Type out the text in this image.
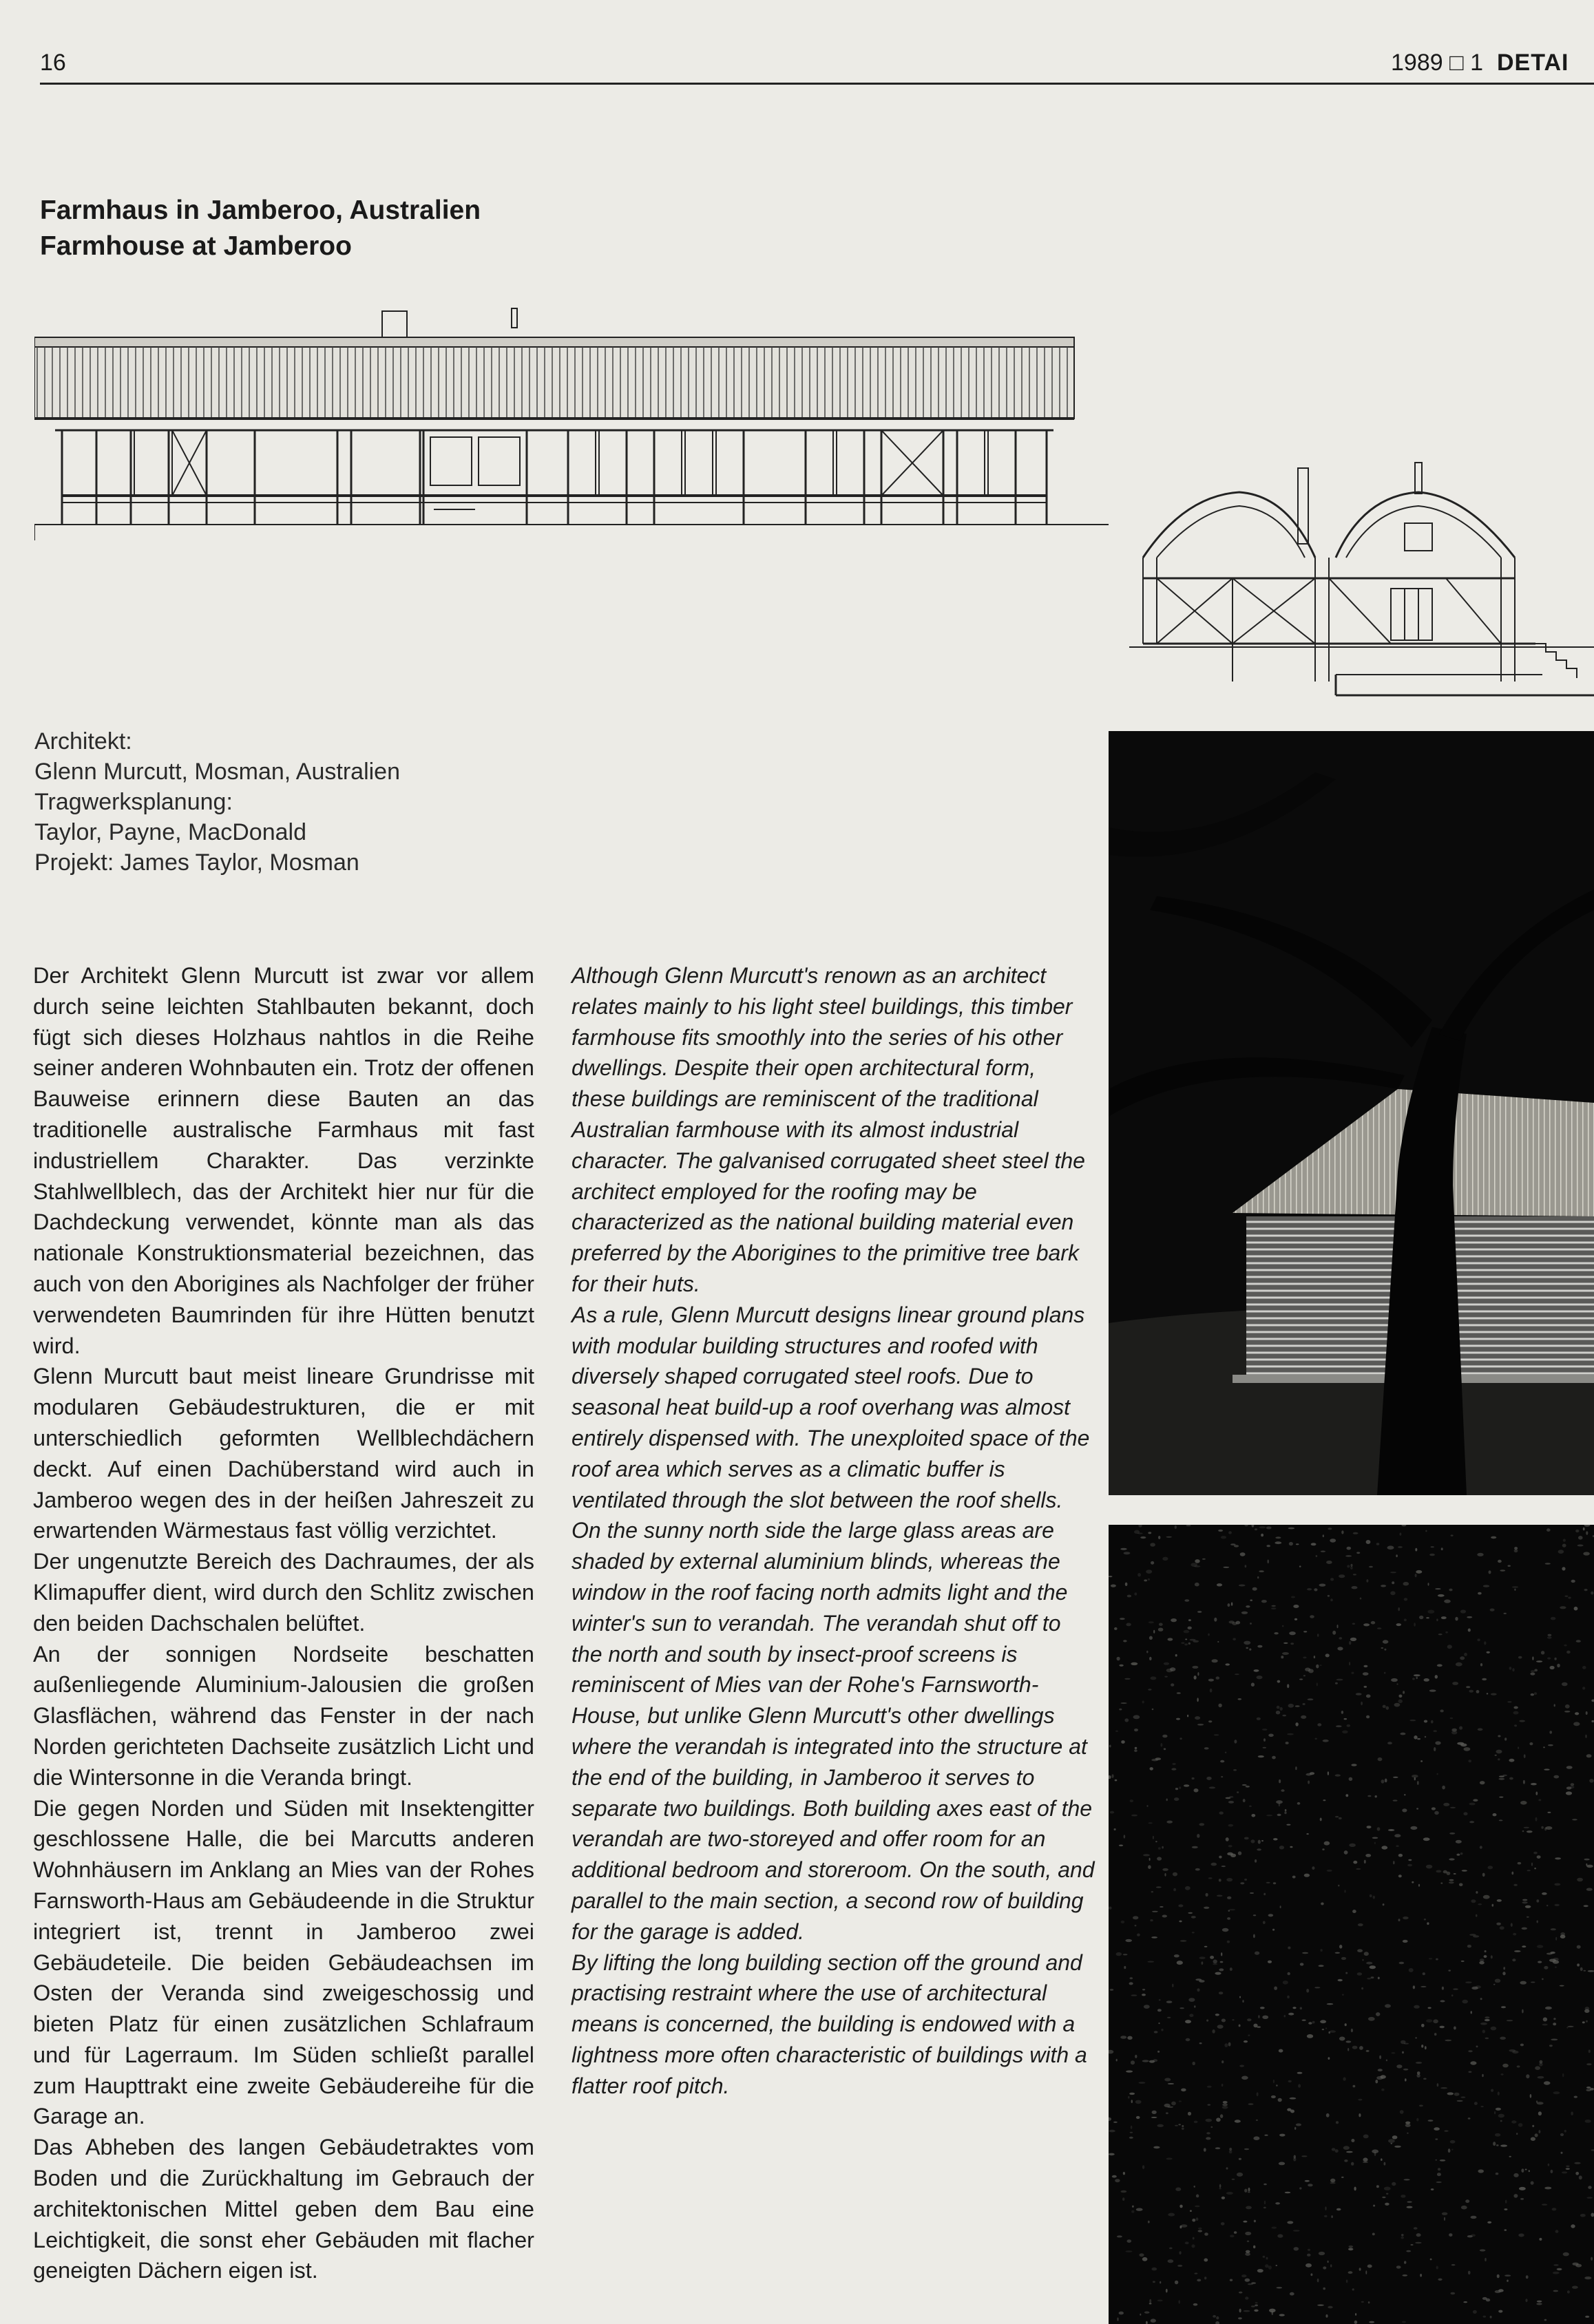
16	1989 □ 1 DETAI
Farmhaus in Jamberoo, Australien
Farmhouse at Jamberoo
Architekt:
Glenn Murcutt, Mosman, Australien
Tragwerksplanung:
Taylor, Payne, MacDonald
Projekt: James Taylor, Mosman

Der Architekt Glenn Murcutt ist zwar vor allem durch seine leichten Stahlbauten bekannt, doch fügt sich dieses Holzhaus nahtlos in die Reihe seiner anderen Wohnbauten ein. Trotz der offenen Bauweise erinnern diese Bauten an das traditionelle australische Farmhaus mit fast industriellem Charakter. Das verzinkte Stahlwellblech, das der Architekt hier nur für die Dachdeckung verwendet, könnte man als das nationale Konstruktionsmaterial bezeichnen, das auch von den Aborigines als Nachfolger der früher verwendeten Baumrinden für ihre Hütten benutzt wird.

Glenn Murcutt baut meist lineare Grundrisse mit modularen Gebäudestrukturen, die er mit unterschiedlich geformten Wellblechdächern deckt. Auf einen Dachüberstand wird auch in Jamberoo wegen des in der heißen Jahreszeit zu erwartenden Wärmestaus fast völlig verzichtet.

Der ungenutzte Bereich des Dachraumes, der als Klimapuffer dient, wird durch den Schlitz zwischen den beiden Dachschalen belüftet.

An der sonnigen Nordseite beschatten außenliegende Aluminium-Jalousien die großen Glasflächen, während das Fenster in der nach Norden gerichteten Dachseite zusätzlich Licht und die Wintersonne in die Veranda bringt.

Die gegen Norden und Süden mit Insektengitter geschlossene Halle, die bei Marcutts anderen Wohnhäusern im Anklang an Mies van der Rohes Farnsworth-Haus am Gebäudeende in die Struktur integriert ist, trennt in Jamberoo zwei Gebäudeteile. Die beiden Gebäudeachsen im Osten der Veranda sind zweigeschossig und bieten Platz für einen zusätzlichen Schlafraum und für Lagerraum. Im Süden schließt parallel zum Haupttrakt eine zweite Gebäudereihe für die Garage an.

Das Abheben des langen Gebäudetraktes vom Boden und die Zurückhaltung im Gebrauch der architektonischen Mittel geben dem Bau eine Leichtigkeit, die sonst eher Gebäuden mit flacher geneigten Dächern eigen ist.

Although Glenn Murcutt's renown as an architect relates mainly to his light steel buildings, this timber farmhouse fits smoothly into the series of his other dwellings. Despite their open architectural form, these buildings are reminiscent of the traditional Australian farmhouse with its almost industrial character. The galvanised corrugated sheet steel the architect employed for the roofing may be characterized as the national building material even preferred by the Aborigines to the primitive tree bark for their huts.

As a rule, Glenn Murcutt designs linear ground plans with modular building structures and roofed with diversely shaped corrugated steel roofs. Due to seasonal heat build-up a roof overhang was almost entirely dispensed with. The unexploited space of the roof area which serves as a climatic buffer is ventilated through the slot between the roof shells.

On the sunny north side the large glass areas are shaded by external aluminium blinds, whereas the window in the roof facing north admits light and the winter's sun to verandah. The verandah shut off to the north and south by insect-proof screens is reminiscent of Mies van der Rohe's Farnsworth-House, but unlike Glenn Murcutt's other dwellings where the verandah is integrated into the structure at the end of the building, in Jamberoo it serves to separate two buildings. Both building axes east of the verandah are two-storeyed and offer room for an additional bedroom and storeroom. On the south, and parallel to the main section, a second row of building for the garage is added.

By lifting the long building section off the ground and practising restraint where the use of architectural means is concerned, the building is endowed with a lightness more often characteristic of buildings with a flatter roof pitch.
